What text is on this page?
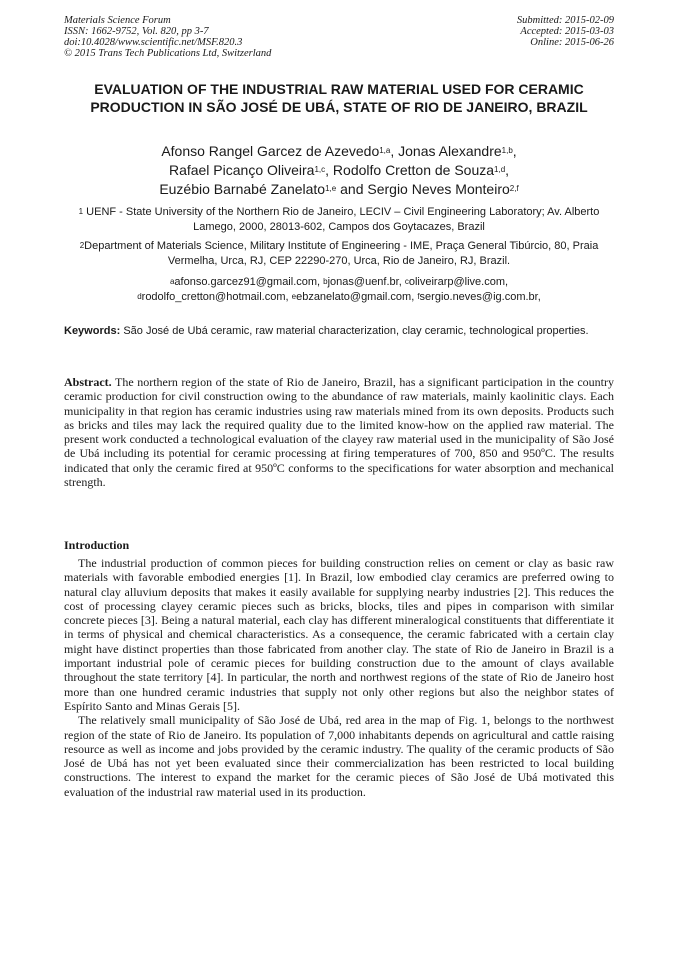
Materials Science Forum
ISSN: 1662-9752, Vol. 820, pp 3-7
doi:10.4028/www.scientific.net/MSF.820.3
© 2015 Trans Tech Publications Ltd, Switzerland
Submitted: 2015-02-09
Accepted: 2015-03-03
Online: 2015-06-26
EVALUATION OF THE INDUSTRIAL RAW MATERIAL USED FOR CERAMIC PRODUCTION IN SÃO JOSÉ DE UBÁ, STATE OF RIO DE JANEIRO, BRAZIL
Afonso Rangel Garcez de Azevedo$^{1,a}$, Jonas Alexandre$^{1,b}$,
Rafael Picanço Oliveira$^{1,c}$, Rodolfo Cretton de Souza$^{1,d}$,
Euzébio Barnabé Zanelato$^{1,e}$ and Sergio Neves Monteiro$^{2,f}$
$^1$ UENF - State University of the Northern Rio de Janeiro, LECIV – Civil Engineering Laboratory; Av. Alberto Lamego, 2000, 28013-602, Campos dos Goytacazes, Brazil
$^2$Department of Materials Science, Military Institute of Engineering - IME, Praça General Tibúrcio, 80, Praia Vermelha, Urca, RJ, CEP 22290-270, Urca, Rio de Janeiro, RJ, Brazil.
$^a$afonso.garcez91@gmail.com, $^b$jonas@uenf.br, $^c$oliveirarp@live.com,
$^d$rodolfo_cretton@hotmail.com, $^e$ebzanelato@gmail.com, $^f$sergio.neves@ig.com.br,
Keywords: São José de Ubá ceramic, raw material characterization, clay ceramic, technological properties.
Abstract. The northern region of the state of Rio de Janeiro, Brazil, has a significant participation in the country ceramic production for civil construction owing to the abundance of raw materials, mainly kaolinitic clays. Each municipality in that region has ceramic industries using raw materials mined from its own deposits. Products such as bricks and tiles may lack the required quality due to the limited know-how on the applied raw material. The present work conducted a technological evaluation of the clayey raw material used in the municipality of São José de Ubá including its potential for ceramic processing at firing temperatures of 700, 850 and 950ºC. The results indicated that only the ceramic fired at 950ºC conforms to the specifications for water absorption and mechanical strength.
Introduction

The industrial production of common pieces for building construction relies on cement or clay as basic raw materials with favorable embodied energies [1]. In Brazil, low embodied clay ceramics are preferred owing to natural clay alluvium deposits that makes it easily available for supplying nearby industries [2]. This reduces the cost of processing clayey ceramic pieces such as bricks, blocks, tiles and pipes in comparison with similar concrete pieces [3]. Being a natural material, each clay has different mineralogical constituents that differentiate it in terms of physical and chemical characteristics. As a consequence, the ceramic fabricated with a certain clay might have distinct properties than those fabricated from another clay. The state of Rio de Janeiro in Brazil is a important industrial pole of ceramic pieces for building construction due to the amount of clays available throughout the state territory [4]. In particular, the north and northwest regions of the state of Rio de Janeiro host more than one hundred ceramic industries that supply not only other regions but also the neighbor states of Espírito Santo and Minas Gerais [5].

The relatively small municipality of São José de Ubá, red area in the map of Fig. 1, belongs to the northwest region of the state of Rio de Janeiro. Its population of 7,000 inhabitants depends on agricultural and cattle raising resource as well as income and jobs provided by the ceramic industry. The quality of the ceramic products of São José de Ubá has not yet been evaluated since their commercialization has been restricted to local building constructions. The interest to expand the market for the ceramic pieces of São José de Ubá motivated this evaluation of the industrial raw material used in its production.
